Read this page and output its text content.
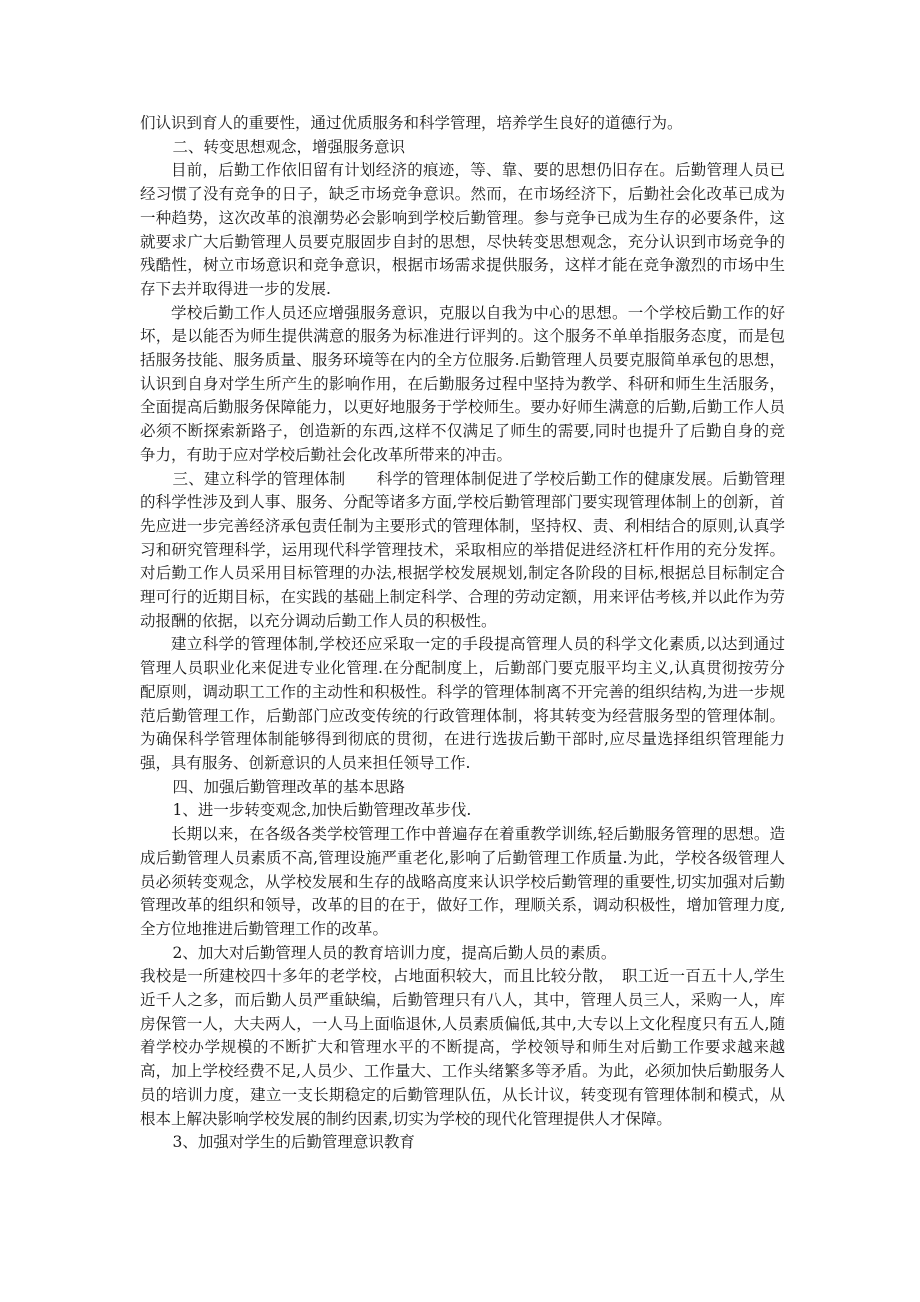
们认识到育人的重要性，通过优质服务和科学管理，培养学生良好的道德行为。

二、转变思想观念，增强服务意识

目前，后勤工作依旧留有计划经济的痕迹，等、靠、要的思想仍旧存在。后勤管理人员已经习惯了没有竞争的日子，缺乏市场竞争意识。然而，在市场经济下，后勤社会化改革已成为一种趋势，这次改革的浪潮势必会影响到学校后勤管理。参与竞争已成为生存的必要条件，这就要求广大后勤管理人员要克服固步自封的思想，尽快转变思想观念，充分认识到市场竞争的残酷性，树立市场意识和竞争意识，根据市场需求提供服务，这样才能在竞争激烈的市场中生存下去并取得进一步的发展.

学校后勤工作人员还应增强服务意识，克服以自我为中心的思想。一个学校后勤工作的好坏，是以能否为师生提供满意的服务为标准进行评判的。这个服务不单单指服务态度，而是包括服务技能、服务质量、服务环境等在内的全方位服务.后勤管理人员要克服简单承包的思想，认识到自身对学生所产生的影响作用，在后勤服务过程中坚持为教学、科研和师生生活服务，全面提高后勤服务保障能力，以更好地服务于学校师生。要办好师生满意的后勤,后勤工作人员必须不断探索新路子，创造新的东西,这样不仅满足了师生的需要,同时也提升了后勤自身的竞争力，有助于应对学校后勤社会化改革所带来的冲击。

三、建立科学的管理体制　　科学的管理体制促进了学校后勤工作的健康发展。后勤管理的科学性涉及到人事、服务、分配等诸多方面,学校后勤管理部门要实现管理体制上的创新，首先应进一步完善经济承包责任制为主要形式的管理体制，坚持权、责、利相结合的原则,认真学习和研究管理科学，运用现代科学管理技术，采取相应的举措促进经济杠杆作用的充分发挥。对后勤工作人员采用目标管理的办法,根据学校发展规划,制定各阶段的目标,根据总目标制定合理可行的近期目标，在实践的基础上制定科学、合理的劳动定额，用来评估考核,并以此作为劳动报酬的依据，以充分调动后勤工作人员的积极性。

建立科学的管理体制,学校还应采取一定的手段提高管理人员的科学文化素质,以达到通过管理人员职业化来促进专业化管理.在分配制度上，后勤部门要克服平均主义,认真贯彻按劳分配原则，调动职工工作的主动性和积极性。科学的管理体制离不开完善的组织结构,为进一步规范后勤管理工作，后勤部门应改变传统的行政管理体制，将其转变为经营服务型的管理体制。为确保科学管理体制能够得到彻底的贯彻，在进行选拔后勤干部时,应尽量选择组织管理能力强，具有服务、创新意识的人员来担任领导工作.

四、加强后勤管理改革的基本思路

1、进一步转变观念,加快后勤管理改革步伐.

长期以来，在各级各类学校管理工作中普遍存在着重教学训练,轻后勤服务管理的思想。造成后勤管理人员素质不高,管理设施严重老化,影响了后勤管理工作质量.为此，学校各级管理人员必须转变观念，从学校发展和生存的战略高度来认识学校后勤管理的重要性,切实加强对后勤管理改革的组织和领导，改革的目的在于，做好工作，理顺关系，调动积极性，增加管理力度,全方位地推进后勤管理工作的改革。

2、加大对后勤管理人员的教育培训力度，提高后勤人员的素质。

我校是一所建校四十多年的老学校，占地面积较大，而且比较分散，　职工近一百五十人,学生近千人之多，而后勤人员严重缺编，后勤管理只有八人，其中，管理人员三人，采购一人，库房保管一人，大夫两人，一人马上面临退休,人员素质偏低,其中,大专以上文化程度只有五人,随着学校办学规模的不断扩大和管理水平的不断提高，学校领导和师生对后勤工作要求越来越高，加上学校经费不足,人员少、工作量大、工作头绪繁多等矛盾。为此，必须加快后勤服务人员的培训力度，建立一支长期稳定的后勤管理队伍，从长计议，转变现有管理体制和模式，从根本上解决影响学校发展的制约因素,切实为学校的现代化管理提供人才保障。

3、加强对学生的后勤管理意识教育
